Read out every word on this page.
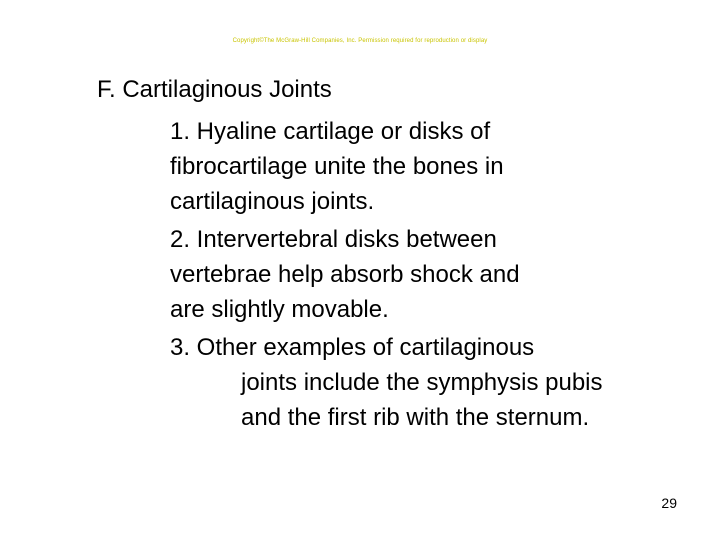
Copyright©The McGraw-Hill Companies, Inc. Permission required for reproduction or display
F. Cartilaginous Joints
1. Hyaline cartilage or disks of
fibrocartilage unite the bones in
cartilaginous joints.
2. Intervertebral disks between
vertebrae help absorb shock and
are slightly movable.
3. Other examples of cartilaginous
joints include the symphysis pubis
and the first rib with the sternum.
29
